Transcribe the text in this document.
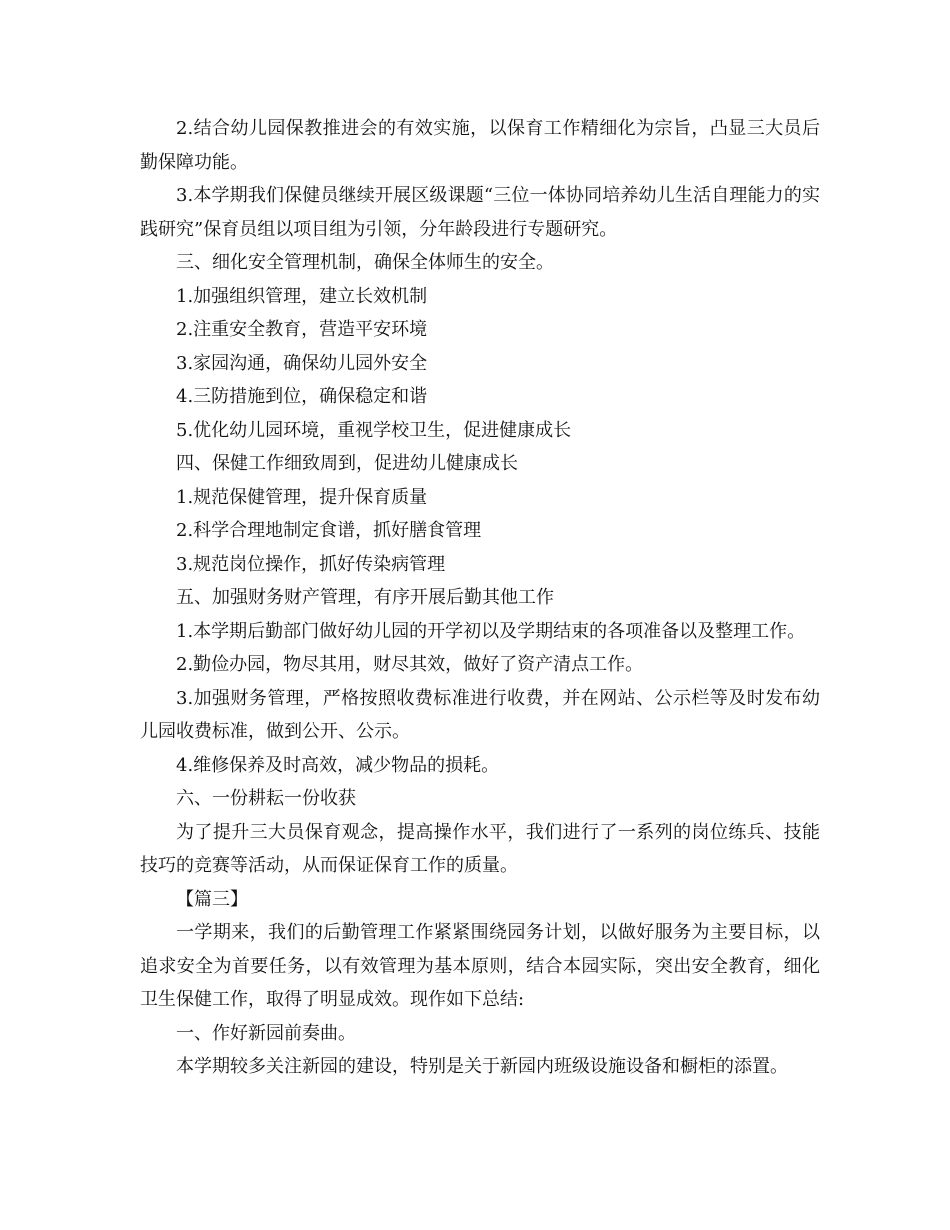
2.结合幼儿园保教推进会的有效实施，以保育工作精细化为宗旨，凸显三大员后勤保障功能。

3.本学期我们保健员继续开展区级课题“三位一体协同培养幼儿生活自理能力的实践研究”保育员组以项目组为引领，分年龄段进行专题研究。

三、细化安全管理机制，确保全体师生的安全。

1.加强组织管理，建立长效机制

2.注重安全教育，营造平安环境

3.家园沟通，确保幼儿园外安全

4.三防措施到位，确保稳定和谐

5.优化幼儿园环境，重视学校卫生，促进健康成长

四、保健工作细致周到，促进幼儿健康成长

1.规范保健管理，提升保育质量

2.科学合理地制定食谱，抓好膳食管理

3.规范岗位操作，抓好传染病管理

五、加强财务财产管理，有序开展后勤其他工作

1.本学期后勤部门做好幼儿园的开学初以及学期结束的各项准备以及整理工作。

2.勤俭办园，物尽其用，财尽其效，做好了资产清点工作。

3.加强财务管理，严格按照收费标准进行收费，并在网站、公示栏等及时发布幼儿园收费标准，做到公开、公示。

4.维修保养及时高效，减少物品的损耗。

六、一份耕耘一份收获

为了提升三大员保育观念，提高操作水平，我们进行了一系列的岗位练兵、技能技巧的竞赛等活动，从而保证保育工作的质量。

【篇三】

一学期来，我们的后勤管理工作紧紧围绕园务计划，以做好服务为主要目标，以追求安全为首要任务，以有效管理为基本原则，结合本园实际，突出安全教育，细化卫生保健工作，取得了明显成效。现作如下总结:

一、作好新园前奏曲。

本学期较多关注新园的建设，特别是关于新园内班级设施设备和橱柜的添置。
